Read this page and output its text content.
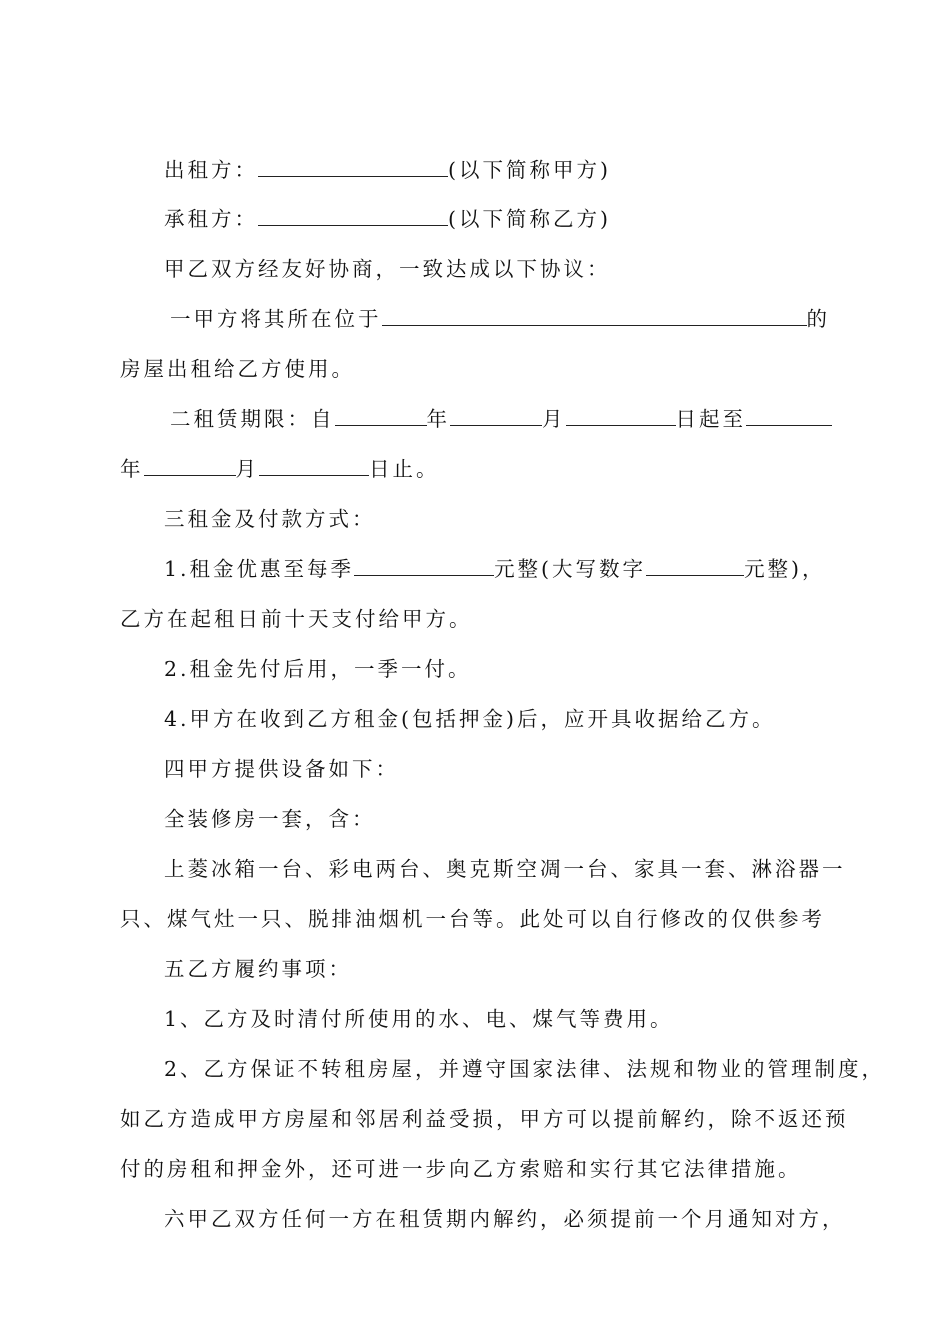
出租方：	(以下简称甲方)
承租方：	(以下简称乙方)
甲乙双方经友好协商，一致达成以下协议：
一甲方将其所在位于	的
房屋出租给乙方使用。
二租赁期限：自	年	月	日起至
年	月	日止。
三租金及付款方式：
1.租金优惠至每季	元整(大写数字	元整)，
乙方在起租日前十天支付给甲方。
2.租金先付后用，一季一付。
4.甲方在收到乙方租金(包括押金)后，应开具收据给乙方。
四甲方提供设备如下：
全装修房一套，含：
上菱冰箱一台、彩电两台、奥克斯空凋一台、家具一套、淋浴器一
只、煤气灶一只、脱排油烟机一台等。此处可以自行修改的仅供参考
五乙方履约事项：
1、乙方及时清付所使用的水、电、煤气等费用。
2、乙方保证不转租房屋，并遵守国家法律、法规和物业的管理制度，
如乙方造成甲方房屋和邻居利益受损，甲方可以提前解约，除不返还预
付的房租和押金外，还可进一步向乙方索赔和实行其它法律措施。
六甲乙双方任何一方在租赁期内解约，必须提前一个月通知对方，
